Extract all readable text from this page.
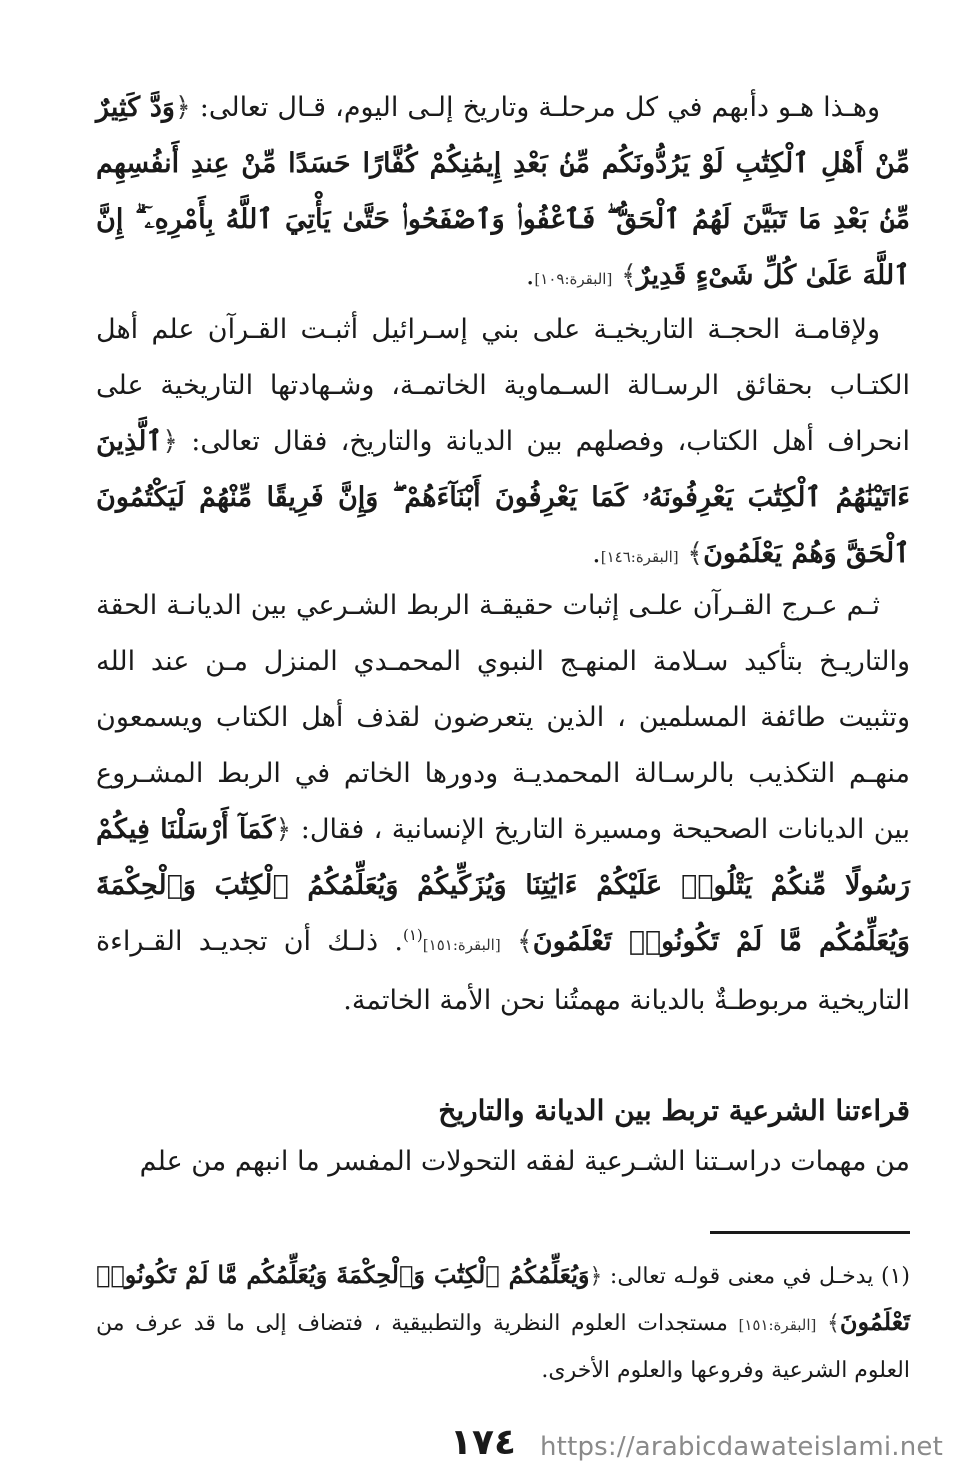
وهـذا هـو دأبهم في كل مرحلـة وتاريخ إلـى اليوم، قـال تعالى: ﴿وَدَّ كَثِيرٌ مِّنْ أَهْلِ ٱلْكِتَٰبِ لَوْ يَرُدُّونَكُم مِّنۢ بَعْدِ إِيمَٰنِكُمْ كُفَّارًا حَسَدًا مِّنْ عِندِ أَنفُسِهِم مِّنۢ بَعْدِ مَا تَبَيَّنَ لَهُمُ ٱلْحَقُّ ۖ فَٱعْفُوا۟ وَٱصْفَحُوا۟ حَتَّىٰ يَأْتِيَ ٱللَّهُ بِأَمْرِهِۦٓ ۗ إِنَّ ٱللَّهَ عَلَىٰ كُلِّ شَىْءٍ قَدِيرٌ﴾ [البقرة:١٠٩].

ولإقامـة الحجـة التاريخيـة على بني إسـرائيل أثبـت القـرآن علم أهل الكتـاب بحقائق الرسـالة السـماوية الخاتمـة، وشـهادتها التاريخية على انحراف أهل الكتاب، وفصلهم بين الديانة والتاريخ، فقال تعالى: ﴿ٱلَّذِينَ ءَاتَيْنَٰهُمُ ٱلْكِتَٰبَ يَعْرِفُونَهُۥ كَمَا يَعْرِفُونَ أَبْنَآءَهُمْ ۖ وَإِنَّ فَرِيقًا مِّنْهُمْ لَيَكْتُمُونَ ٱلْحَقَّ وَهُمْ يَعْلَمُونَ﴾ [البقرة:١٤٦].

ثـم عـرج القـرآن علـى إثبات حقيقـة الربط الشـرعي بين الديانـة الحقة والتاريـخ بتأكيد سـلامة المنهـج النبوي المحمـدي المنزل مـن عند الله وتثبيت طائفة المسلمين ، الذين يتعرضون لقذف أهل الكتاب ويسمعون منهـم التكذيب بالرسـالة المحمديـة ودورها الخاتم في الربط المشـروع بين الديانات الصحيحة ومسيرة التاريخ الإنسانية ، فقال: ﴿كَمَآ أَرْسَلْنَا فِيكُمْ رَسُولًا مِّنكُمْ يَتْلُوا۟ عَلَيْكُمْ ءَايَٰتِنَا وَيُزَكِّيكُمْ وَيُعَلِّمُكُمُ ٱلْكِتَٰبَ وَٱلْحِكْمَةَ وَيُعَلِّمُكُم مَّا لَمْ تَكُونُوا۟ تَعْلَمُونَ﴾ [البقرة:١٥١]$^{(١)}$. ذلـك أن تجديـد القـراءة التاريخية مربوطـةٌ بالديانة مهمتُنا نحن الأمة الخاتمة.

قراءتنا الشرعية تربط بين الديانة والتاريخ

من مهمات دراسـتنا الشـرعية لفقه التحولات المفسر ما انبهم من علم

(١) يدخـل في معنى قولـه تعالى: ﴿وَيُعَلِّمُكُمُ ٱلْكِتَٰبَ وَٱلْحِكْمَةَ وَيُعَلِّمُكُم مَّا لَمْ تَكُونُوا۟ تَعْلَمُونَ﴾ [البقرة:١٥١] مستجدات العلوم النظرية والتطبيقية ، فتضاف إلى ما قد عرف من العلوم الشرعية وفروعها والعلوم الأخرى.

١٧٤ https://arabicdawateislami.net
